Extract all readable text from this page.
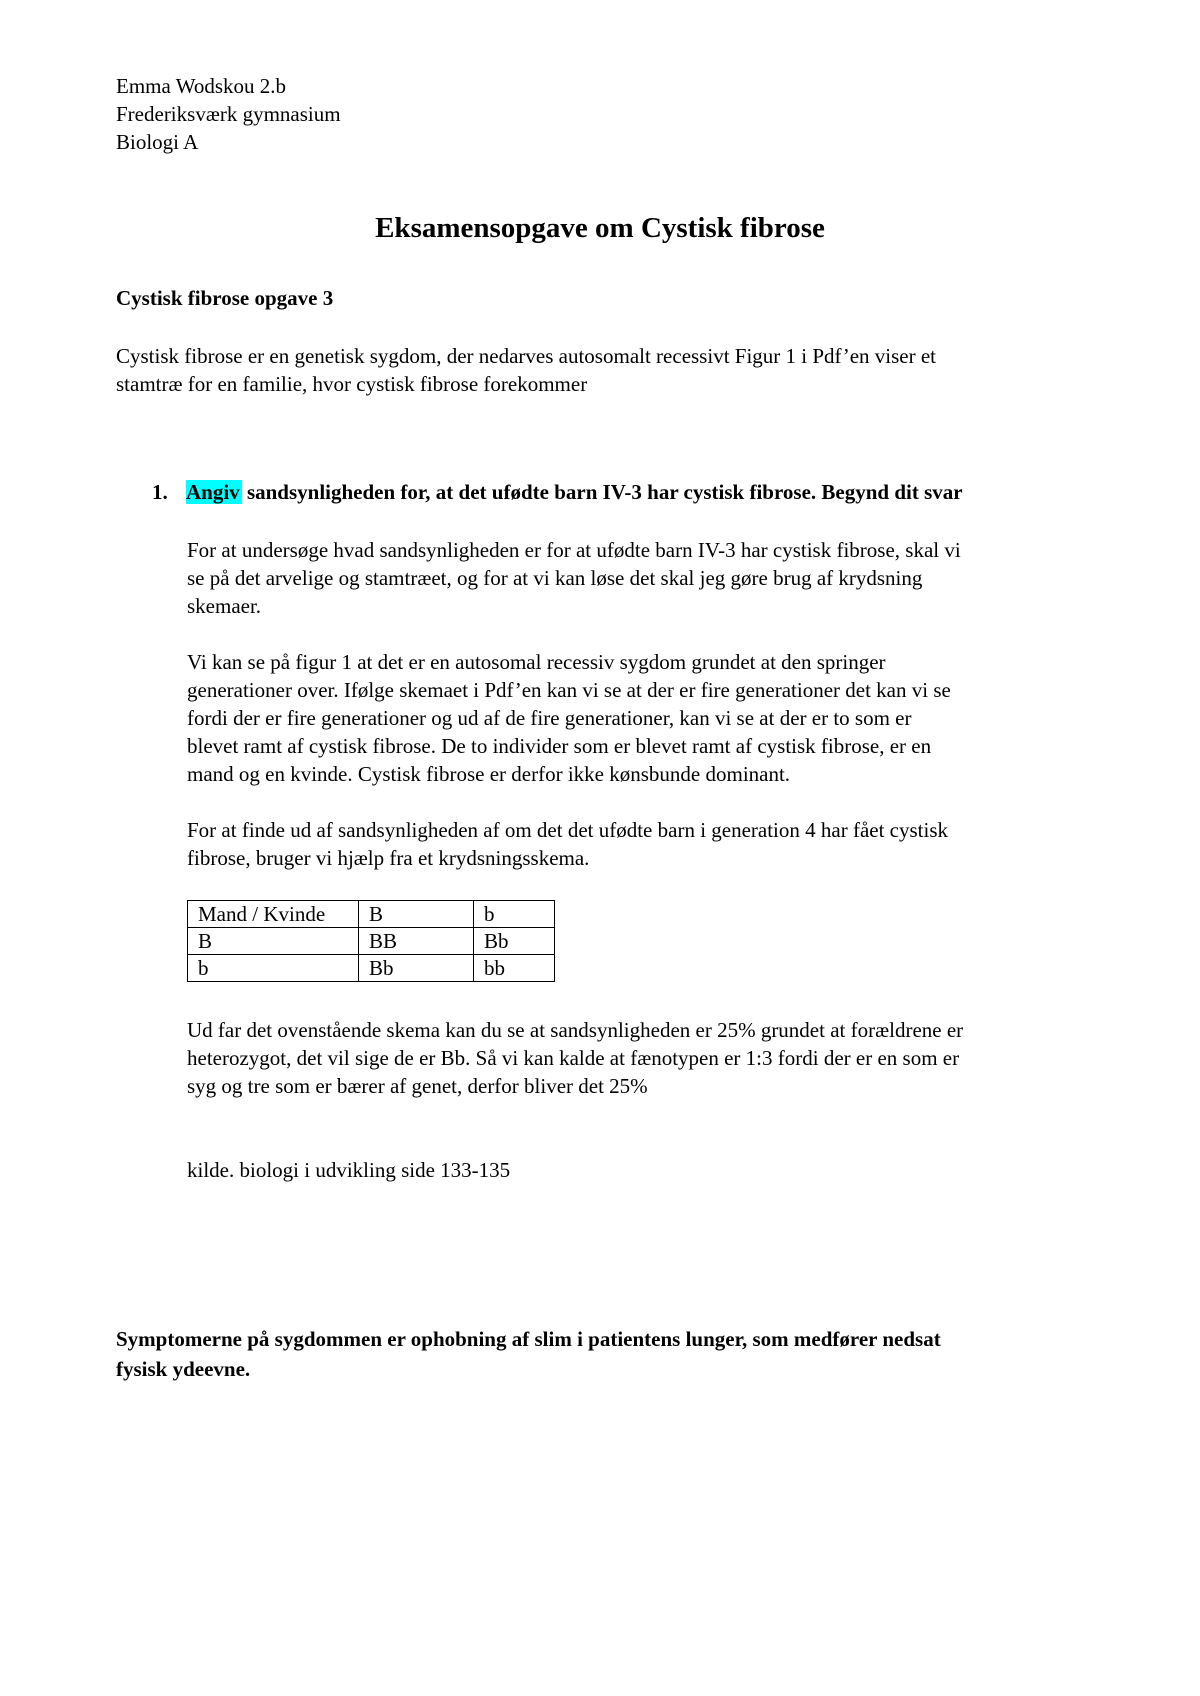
Emma Wodskou 2.b
Frederiksværk gymnasium
Biologi A
Eksamensopgave om Cystisk fibrose
Cystisk fibrose opgave 3
Cystisk fibrose er en genetisk sygdom, der nedarves autosomalt recessivt Figur 1 i Pdf’en viser et
stamtræ for en familie, hvor cystisk fibrose forekommer
1. Angiv sandsynligheden for, at det ufødte barn IV-3 har cystisk fibrose. Begynd dit svar
For at undersøge hvad sandsynligheden er for at ufødte barn IV-3 har cystisk fibrose, skal vi
se på det arvelige og stamtræet, og for at vi kan løse det skal jeg gøre brug af krydsning
skemaer.
Vi kan se på figur 1 at det er en autosomal recessiv sygdom grundet at den springer
generationer over. Ifølge skemaet i Pdf’en kan vi se at der er fire generationer det kan vi se
fordi der er fire generationer og ud af de fire generationer, kan vi se at der er to som er
blevet ramt af cystisk fibrose. De to individer som er blevet ramt af cystisk fibrose, er en
mand og en kvinde. Cystisk fibrose er derfor ikke kønsbunde dominant.
For at finde ud af sandsynligheden af om det det ufødte barn i generation 4 har fået cystisk
fibrose, bruger vi hjælp fra et krydsningsskema.
Mand / Kvinde	B	b
B	BB	Bb
b	Bb	bb
Ud far det ovenstående skema kan du se at sandsynligheden er 25% grundet at forældrene er
heterozygot, det vil sige de er Bb. Så vi kan kalde at fænotypen er 1:3 fordi der er en som er
syg og tre som er bærer af genet, derfor bliver det 25%
kilde. biologi i udvikling side 133-135
Symptomerne på sygdommen er ophobning af slim i patientens lunger, som medfører nedsat
fysisk ydeevne.
